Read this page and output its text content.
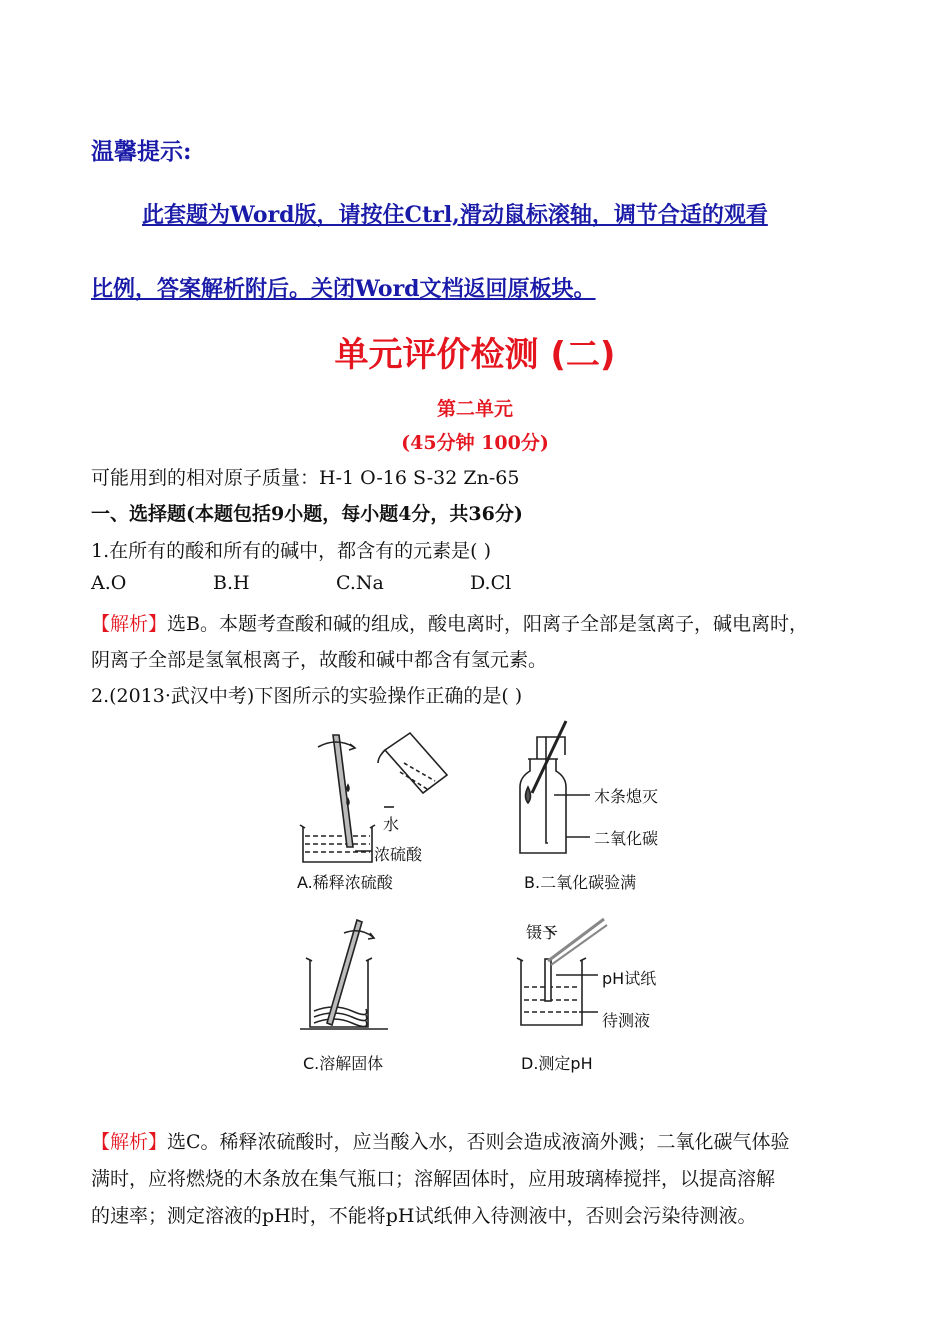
温馨提示:
此套题为Word版，请按住Ctrl,滑动鼠标滚轴，调节合适的观看
比例，答案解析附后。关闭Word文档返回原板块。
单元评价检测 (二)
第二单元
(45分钟 100分)
可能用到的相对原子质量：H-1 O-16 S-32 Zn-65
一、选择题(本题包括9小题，每小题4分，共36分)
1.在所有的酸和所有的碱中，都含有的元素是( )
A.O	B.H	C.Na	D.Cl
【解析】选B。本题考查酸和碱的组成，酸电离时，阳离子全部是氢离子，碱电离时，
阴离子全部是氢氧根离子，故酸和碱中都含有氢元素。
2.(2013·武汉中考)下图所示的实验操作正确的是( )
水
浓硫酸
A.稀释浓硫酸
木条熄灭
二氧化碳
B.二氧化碳验满
C.溶解固体
镊子
pH试纸
待测液
D.测定pH
【解析】选C。稀释浓硫酸时，应当酸入水，否则会造成液滴外溅；二氧化碳气体验
满时，应将燃烧的木条放在集气瓶口；溶解固体时，应用玻璃棒搅拌，以提高溶解
的速率；测定溶液的pH时，不能将pH试纸伸入待测液中，否则会污染待测液。
